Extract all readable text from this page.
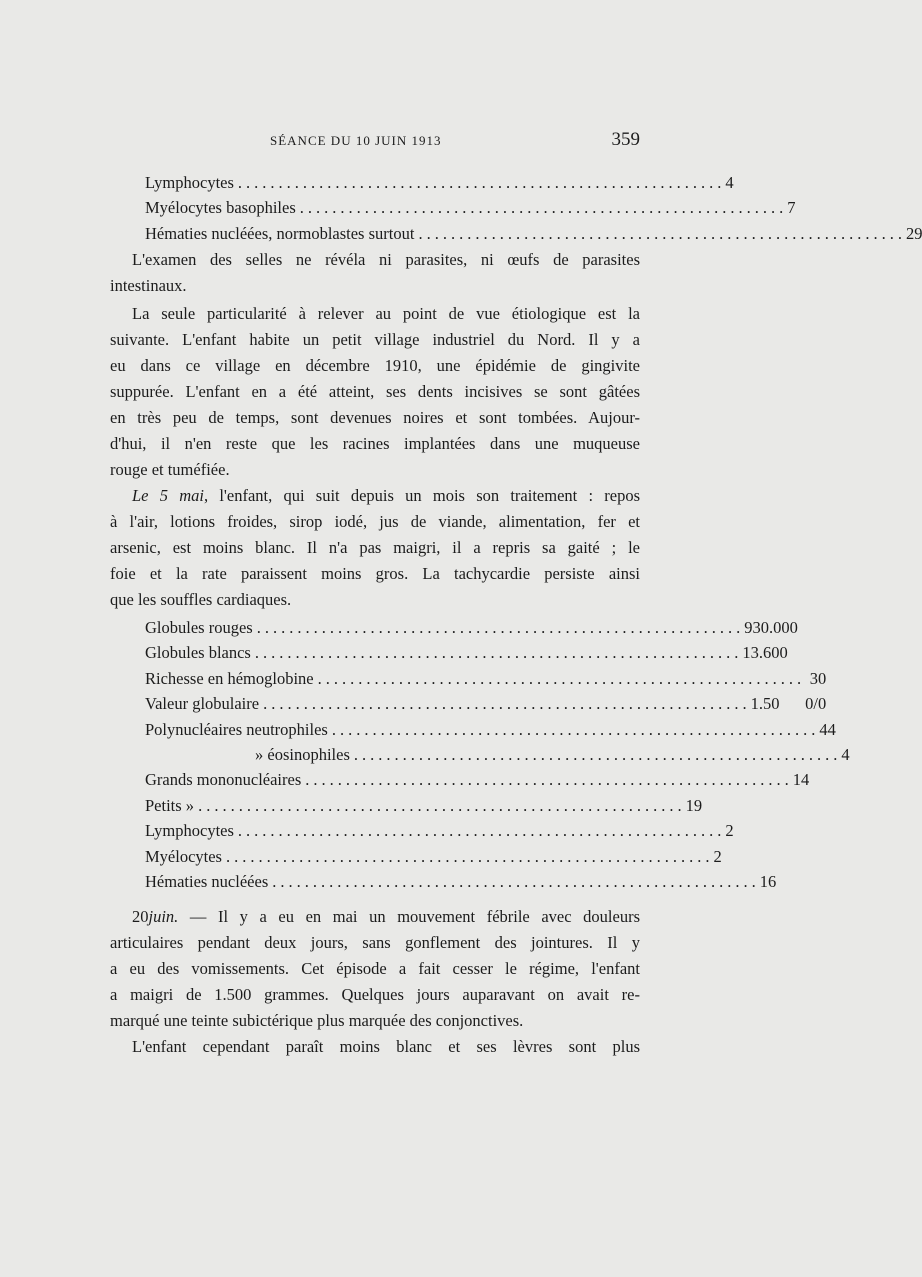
SÉANCE DU 10 JUIN 1913	359
Lymphocytes ............................................................ 4
Myélocytes basophiles ............................................................ 7
Hématies nucléées, normoblastes surtout ............................................................ 29
L'examen des selles ne révéla ni parasites, ni œufs de parasites
intestinaux.
La seule particularité à relever au point de vue étiologique est la
suivante. L'enfant habite un petit village industriel du Nord. Il y a
eu dans ce village en décembre 1910, une épidémie de gingivite
suppurée. L'enfant en a été atteint, ses dents incisives se sont gâtées
en très peu de temps, sont devenues noires et sont tombées. Aujour-
d'hui, il n'en reste que les racines implantées dans une muqueuse
rouge et tuméfiée.
Le 5 mai, l'enfant, qui suit depuis un mois son traitement : repos
à l'air, lotions froides, sirop iodé, jus de viande, alimentation, fer et
arsenic, est moins blanc. Il n'a pas maigri, il a repris sa gaité ; le
foie et la rate paraissent moins gros. La tachycardie persiste ainsi
que les souffles cardiaques.
Globules rouges ............................................................ 930.000
Globules blancs ............................................................ 13.600
Richesse en hémoglobine ............................................................ 30 0/0
Valeur globulaire ............................................................ 1.50
Polynucléaires neutrophiles ............................................................ 44
» éosinophiles ............................................................ 4
Grands mononucléaires ............................................................ 14
Petits » ............................................................ 19
Lymphocytes ............................................................ 2
Myélocytes ............................................................ 2
Hématies nucléées ............................................................ 16
20juin. — Il y a eu en mai un mouvement fébrile avec douleurs
articulaires pendant deux jours, sans gonflement des jointures. Il y
a eu des vomissements. Cet épisode a fait cesser le régime, l'enfant
a maigri de 1.500 grammes. Quelques jours auparavant on avait re-
marqué une teinte subictérique plus marquée des conjonctives.
L'enfant cependant paraît moins blanc et ses lèvres sont plus
